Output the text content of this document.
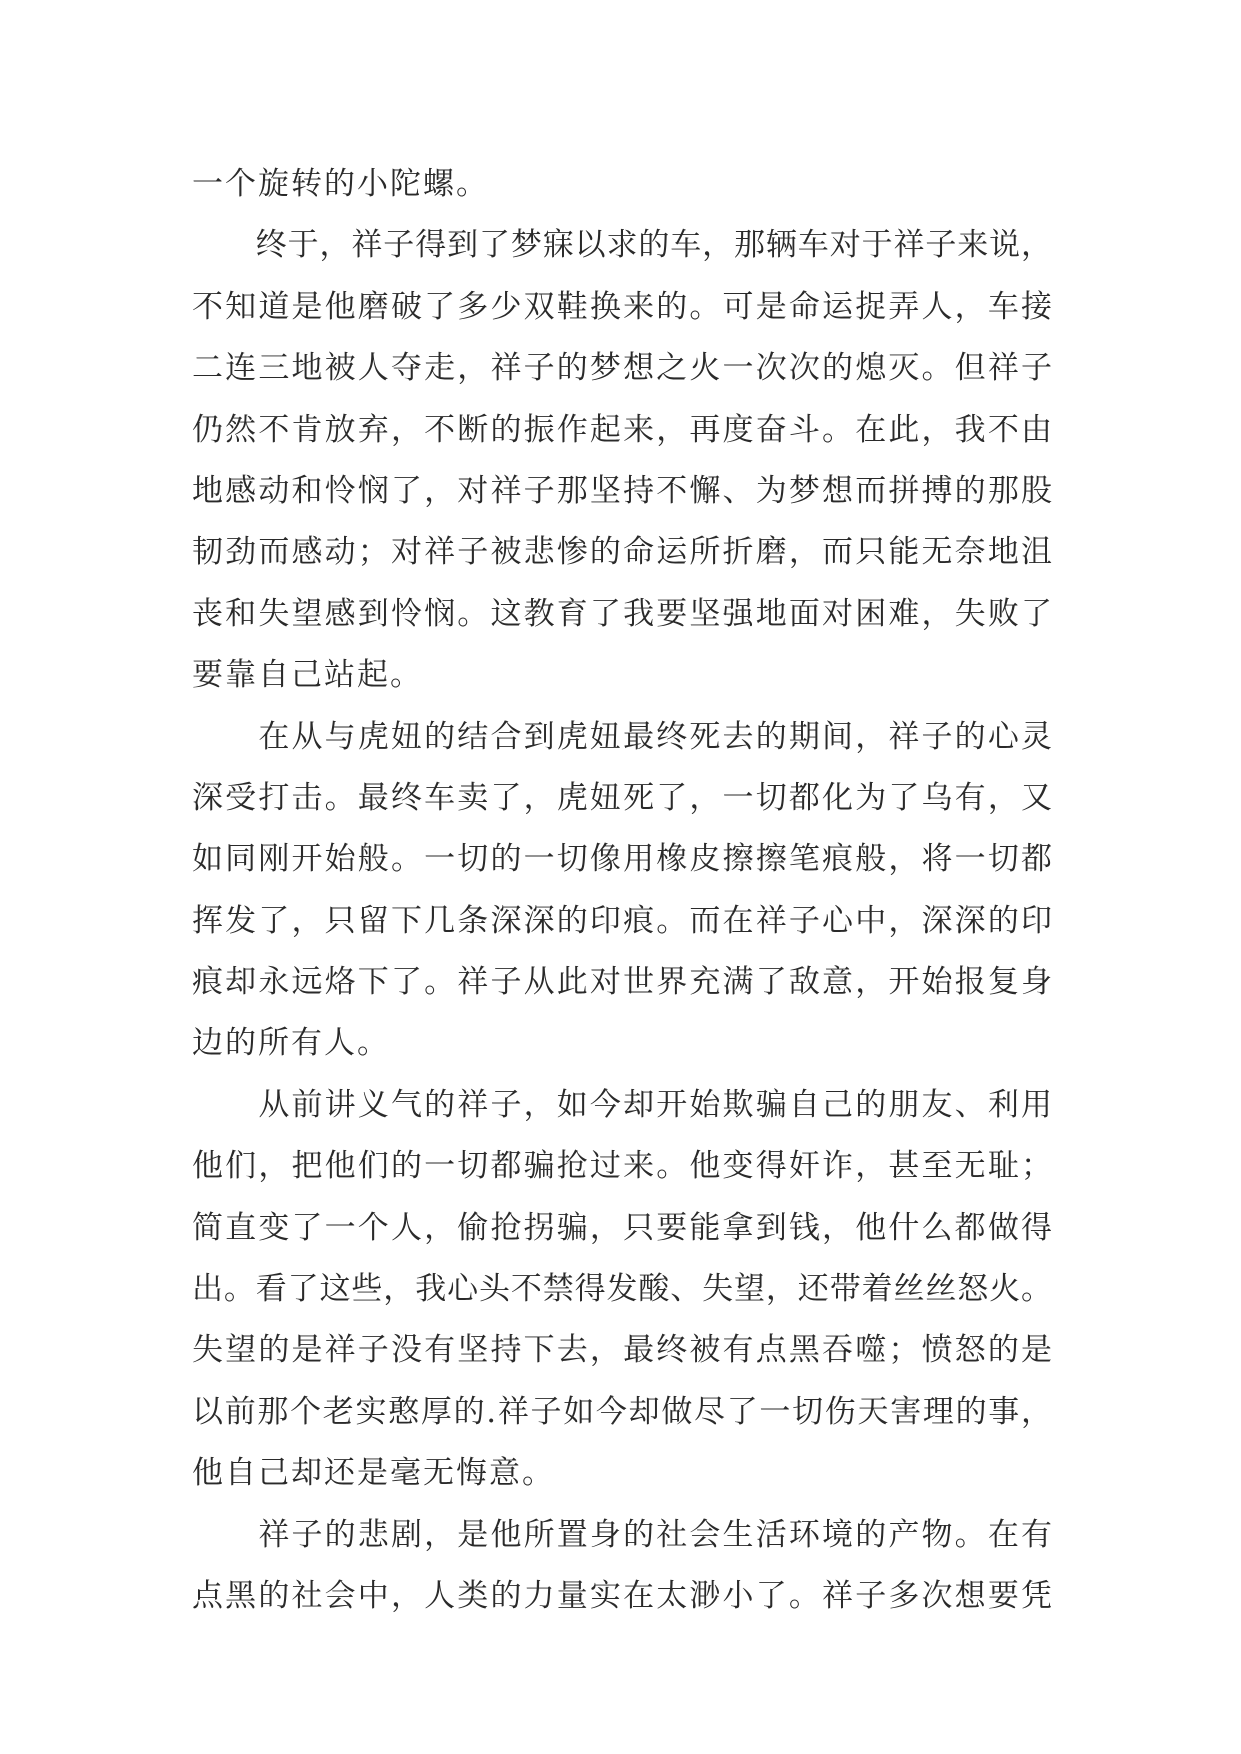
一个旋转的小陀螺。
　　终于，祥子得到了梦寐以求的车，那辆车对于祥子来说，
不知道是他磨破了多少双鞋换来的。可是命运捉弄人，车接
二连三地被人夺走，祥子的梦想之火一次次的熄灭。但祥子
仍然不肯放弃，不断的振作起来，再度奋斗。在此，我不由
地感动和怜悯了，对祥子那坚持不懈、为梦想而拼搏的那股
韧劲而感动；对祥子被悲惨的命运所折磨，而只能无奈地沮
丧和失望感到怜悯。这教育了我要坚强地面对困难，失败了
要靠自己站起。
　　在从与虎妞的结合到虎妞最终死去的期间，祥子的心灵
深受打击。最终车卖了，虎妞死了，一切都化为了乌有，又
如同刚开始般。一切的一切像用橡皮擦擦笔痕般，将一切都
挥发了，只留下几条深深的印痕。而在祥子心中，深深的印
痕却永远烙下了。祥子从此对世界充满了敌意，开始报复身
边的所有人。
　　从前讲义气的祥子，如今却开始欺骗自己的朋友、利用
他们，把他们的一切都骗抢过来。他变得奸诈，甚至无耻；
简直变了一个人，偷抢拐骗，只要能拿到钱，他什么都做得
出。看了这些，我心头不禁得发酸、失望，还带着丝丝怒火。
失望的是祥子没有坚持下去，最终被有点黑吞噬；愤怒的是
以前那个老实憨厚的.祥子如今却做尽了一切伤天害理的事，
他自己却还是毫无悔意。
　　祥子的悲剧，是他所置身的社会生活环境的产物。在有
点黑的社会中，人类的力量实在太渺小了。祥子多次想要凭
